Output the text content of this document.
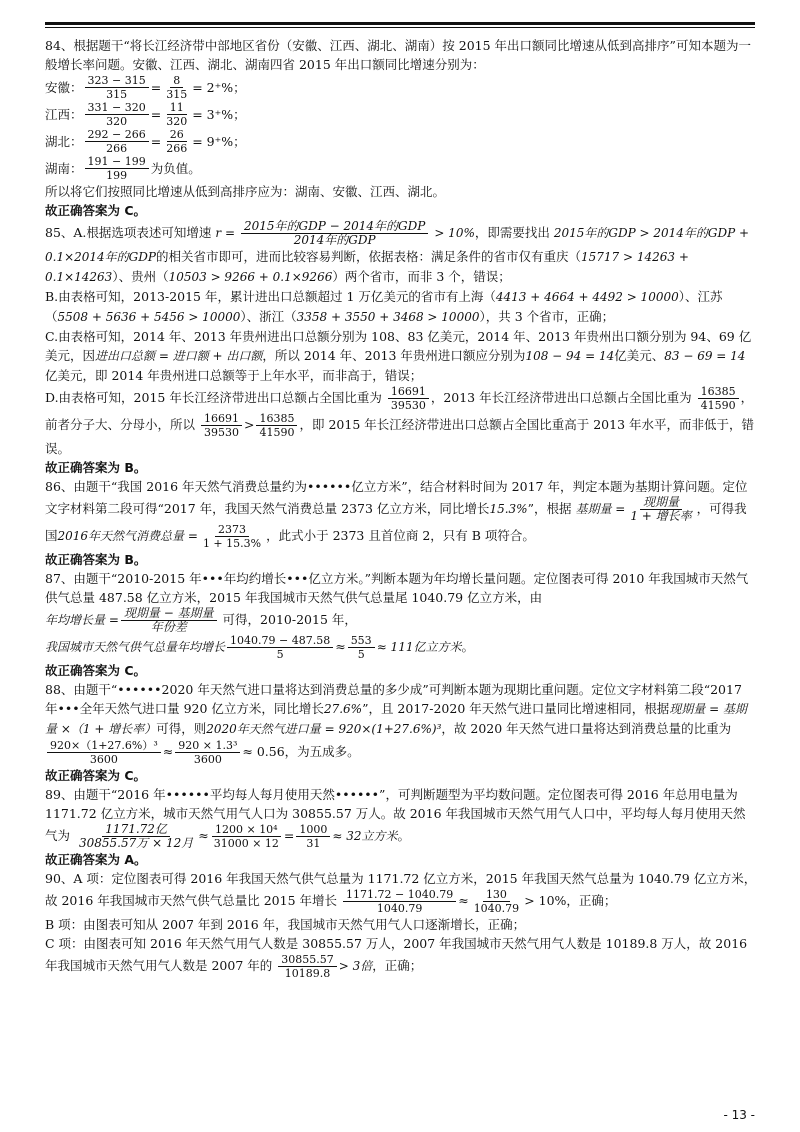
84、根据题干“将长江经济带中部地区省份（安徽、江西、湖北、湖南）按 2015 年出口额同比增速从低到高排序”可知本题为一般增长率问题。安徽、江西、湖北、湖南四省 2015 年出口额同比增速分别为：

安徽： $\frac{323 - 315}{315} = \frac{8}{315} = 2^+\%$ ；
江西： $\frac{331 - 320}{320} = \frac{11}{320} = 3^+\%$ ；
湖北： $\frac{292 - 266}{266} = \frac{26}{266} = 9^+\%$ ；
湖南： 191 − 199
199 为负值。

所以将它们按照同比增速从低到高排序应为：湖南、安徽、江西、湖北。

故正确答案为 C。

85、A.根据选项表述可知增速 r = 2015年的GDP − 2014年的GDP
2014年的GDP	> 10%，即需要找出 2015年的GDP > 2014年的GDP + 0.1×2014年的GDP的相关省市即可，进而比较容易判断，依据表格：满足条件的省市仅有重庆（15717 > 14263 + 0.1×14263）、贵州（10503 > 9266 + 0.1×9266）两个省市，而非 3 个，错误；

B.由表格可知，2013-2015 年，累计进出口总额超过 1 万亿美元的省市有上海（4413 + 4664 + 4492 > 10000）、江苏（5508 + 5636 + 5456 > 10000）、浙江（3358 + 3550 + 3468 > 10000），共 3 个省市，正确；

C.由表格可知，2014 年、2013 年贵州进出口总额分别为 108、83 亿美元，2014 年、2013 年贵州出口额分别为 94、69 亿美元，因进出口总额 = 进口额 + 出口额，所以 2014 年、2013 年贵州进口额应分别为108 − 94 = 14亿美元、83 − 69 = 14亿美元，即 2014 年贵州进口总额等于上年水平，而非高于，错误；

D.由表格可知，2015 年长江经济带进出口总额占全国比重为 $\frac{16691}{39530}$ ，2013 年长江经济带进出口总额占全国比重为 $\frac{16385}{41590}$ ，前者分子大、分母小，所以 $\frac{16691}{39530} > \frac{16385}{41590}$ ，即 2015 年长江经济带进出口总额占全国比重高于 2013 年水平，而非低于，错误。

故正确答案为 B。

86、由题干“我国 2016 年天然气消费总量约为••••••亿立方米”，结合材料时间为 2017 年，判定本题为基期计算问题。定位文字材料第二段可得“2017 年，我国天然气消费总量 2373 亿立方米，同比增长15.3%”，根据 基期量 = 现期量
1 + 增长率 ，可得我国2016年天然气消费总量 = $\frac{2373}{1 + 15.3\%}$ ，此式小于 2373 且首位商 2，只有 B 项符合。

故正确答案为 B。

87、由题干“2010-2015 年•••年均约增长•••亿立方米。”判断本题为年均增长量问题。定位图表可得 2010 年我国城市天然气供气总量 487.58 亿立方米，2015 年我国城市天然气供气总量尾 1040.79 亿立方米，由
年均增长量 = 现期量 − 基期量
年份差	可得，2010-2015 年，
我国城市天然气供气总量年均增长 $\frac{1040.79 - 487.58}{5} \approx \frac{553}{5} \approx 111$亿立方米。

故正确答案为 C。

88、由题干“••••••2020 年天然气进口量将达到消费总量的多少成”可判断本题为现期比重问题。定位文字材料第二段“2017 年•••全年天然气进口量 920 亿立方米，同比增长27.6%”，且 2017-2020 年天然气进口量同比增速相同，根据现期量 = 基期量 ×（1 + 增长率）可得，则2020年天然气进口量 = 920×(1+27.6%)³，故 2020 年天然气进口量将达到消费总量的比重为
$\frac{\text{920×（1+27.6\%）³}}{3600} \approx \frac{\text{920 × 1.3³}}{3600} \approx 0.56$，为五成多。

故正确答案为 C。

89、由题干“2016 年••••••平均每人每月使用天然••••••”，可判断题型为平均数问题。定位图表可得 2016 年总用电量为 1171.72 亿立方米，城市天然气用气人口为 30855.57 万人。故 2016 年我国城市天然气用气人口中，平均每人每月使用天然气为	1171.72亿
30855.57万 × 12月 ≈ $\frac{\text{1200 × 10⁴}}{31000 \times 12} = \frac{1000}{31} \approx 32$立方米。

故正确答案为 A。

90、A 项：定位图表可得 2016 年我国天然气供气总量为 1171.72 亿立方米，2015 年我国天然气总量为 1040.79 亿立方米，故 2016 年我国城市天然气供气总量比 2015 年增长 $\frac{1171.72 - 1040.79}{1040.79} \approx \frac{130}{1040.79} > 10\%$，正确；

B 项：由图表可知从 2007 年到 2016 年，我国城市天然气用气人口逐渐增长，正确；

C 项：由图表可知 2016 年天然气用气人数是 30855.57 万人，2007 年我国城市天然气用气人数是 10189.8 万人，故 2016 年我国城市天然气用气人数是 2007 年的 $\frac{30855.57}{10189.8} > 3$倍，正确；

- 13 -
